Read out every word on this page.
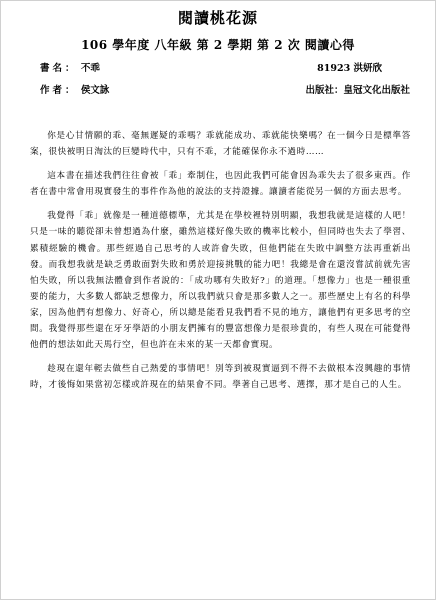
閱讀桃花源
106 學年度 八年級 第 2 學期 第 2 次 閱讀心得
書名： 不乖	81923 洪妍欣
作者： 侯文詠	出版社：皇冠文化出版社

你是心甘情願的乖、毫無遲疑的乖嗎？乖就能成功、乖就能快樂嗎？在一個今日是標準答案，很快被明日淘汰的巨變時代中，只有不乖，才能確保你永不過時……

這本書在描述我們往往會被「乖」牽制住，也因此我們可能會因為乖失去了很多東西。作者在書中常會用現實發生的事件作為他的說法的支持證據。讓讀者能從另一個的方面去思考。

我覺得「乖」就像是一種道德標準，尤其是在學校裡特別明顯，我想我就是這樣的人吧！只是一味的聽從卻未曾想過為什麼，雖然這樣好像失敗的機率比較小，但同時也失去了學習、累積經驗的機會。那些經過自己思考的人或許會失敗，但他們能在失敗中調整方法再重新出發。而我想我就是缺乏勇敢面對失敗和勇於迎接挑戰的能力吧！我總是會在還沒嘗試前就先害怕失敗，所以我無法體會到作者說的：「成功哪有失敗好?」的道理。「想像力」也是一種很重要的能力，大多數人都缺乏想像力，所以我們就只會是那多數人之一。那些歷史上有名的科學家，因為他們有想像力、好奇心，所以總是能看見我們看不見的地方，讓他們有更多思考的空間。我覺得那些還在牙牙學語的小朋友們擁有的豐富想像力是很珍貴的，有些人現在可能覺得他們的想法如此天馬行空，但也許在未來的某一天都會實現。

趁現在還年輕去做些自己熱愛的事情吧！別等到被現實逼到不得不去做根本沒興趣的事情時，才後悔如果當初怎樣或許現在的結果會不同。學著自己思考、選擇，那才是自己的人生。
